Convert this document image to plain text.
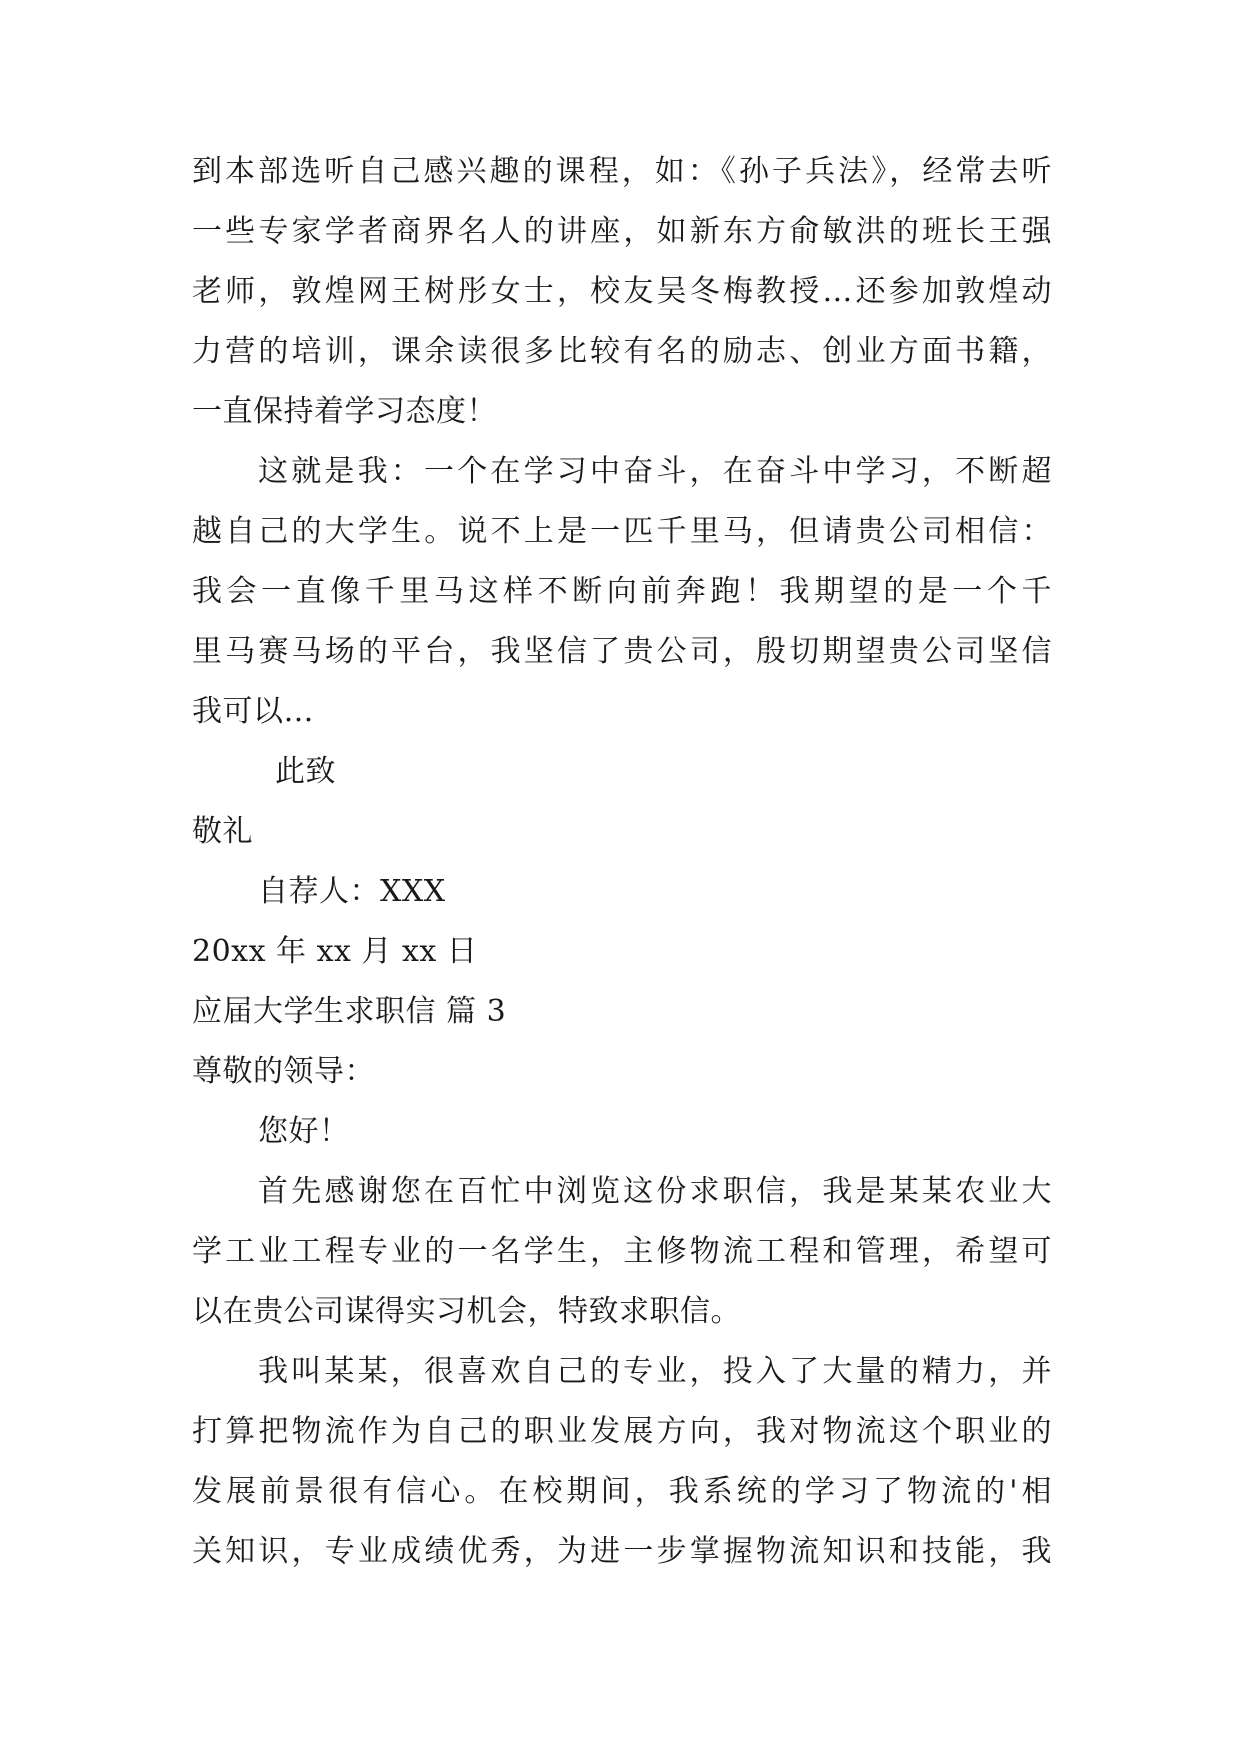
到本部选听自己感兴趣的课程，如：《孙子兵法》，经常去听
一些专家学者商界名人的讲座，如新东方俞敏洪的班长王强
老师，敦煌网王树彤女士，校友吴冬梅教授…还参加敦煌动
力营的培训，课余读很多比较有名的励志、创业方面书籍，
一直保持着学习态度！
这就是我：一个在学习中奋斗，在奋斗中学习，不断超
越自己的大学生。说不上是一匹千里马，但请贵公司相信：
我会一直像千里马这样不断向前奔跑！我期望的是一个千
里马赛马场的平台，我坚信了贵公司，殷切期望贵公司坚信
我可以…
此致
敬礼
自荐人：XXX
20xx 年 xx 月 xx 日
应届大学生求职信 篇 3
尊敬的领导：
您好！
首先感谢您在百忙中浏览这份求职信，我是某某农业大
学工业工程专业的一名学生，主修物流工程和管理，希望可
以在贵公司谋得实习机会，特致求职信。
我叫某某，很喜欢自己的专业，投入了大量的精力，并
打算把物流作为自己的职业发展方向，我对物流这个职业的
发展前景很有信心。在校期间，我系统的学习了物流的'相
关知识，专业成绩优秀，为进一步掌握物流知识和技能，我
